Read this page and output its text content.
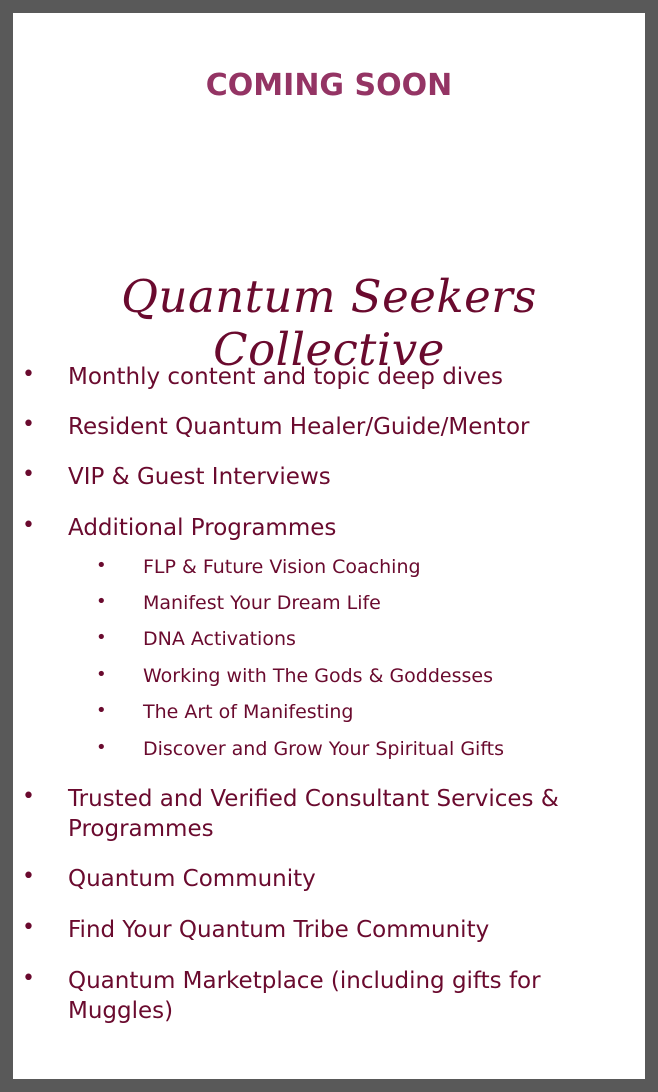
COMING SOON
Quantum Seekers Collective
• Monthly content and topic deep dives
• Resident Quantum Healer/Guide/Mentor
• VIP & Guest Interviews
• Additional Programmes
• FLP & Future Vision Coaching
• Manifest Your Dream Life
• DNA Activations
• Working with The Gods & Goddesses
• The Art of Manifesting
• Discover and Grow Your Spiritual Gifts
• Trusted and Verified Consultant Services & Programmes
• Quantum Community
• Find Your Quantum Tribe Community
• Quantum Marketplace (including gifts for Muggles)
